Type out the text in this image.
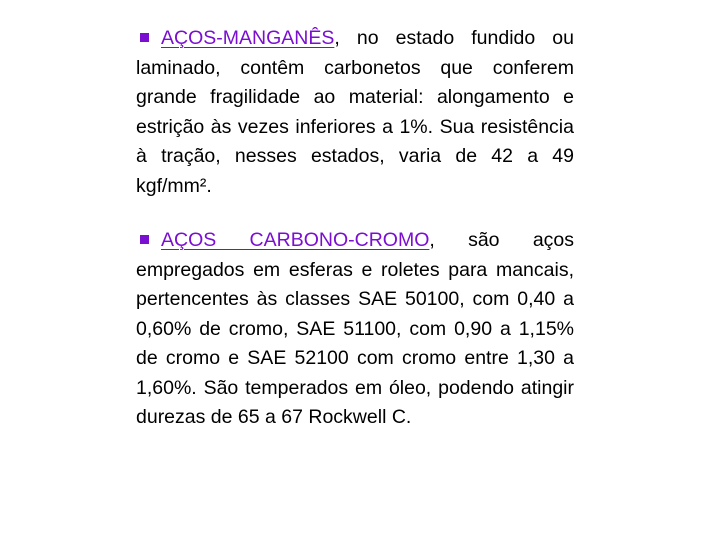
AÇOS-MANGANÊS, no estado fundido ou laminado, contêm carbonetos que conferem grande fragilidade ao material: alongamento e estrição às vezes inferiores a 1%. Sua resistência à tração, nesses estados, varia de 42 a 49 kgf/mm².

AÇOS CARBONO-CROMO, são aços empregados em esferas e roletes para mancais, pertencentes às classes SAE 50100, com 0,40 a 0,60% de cromo, SAE 51100, com 0,90 a 1,15% de cromo e SAE 52100 com cromo entre 1,30 a 1,60%. São temperados em óleo, podendo atingir durezas de 65 a 67 Rockwell C.
